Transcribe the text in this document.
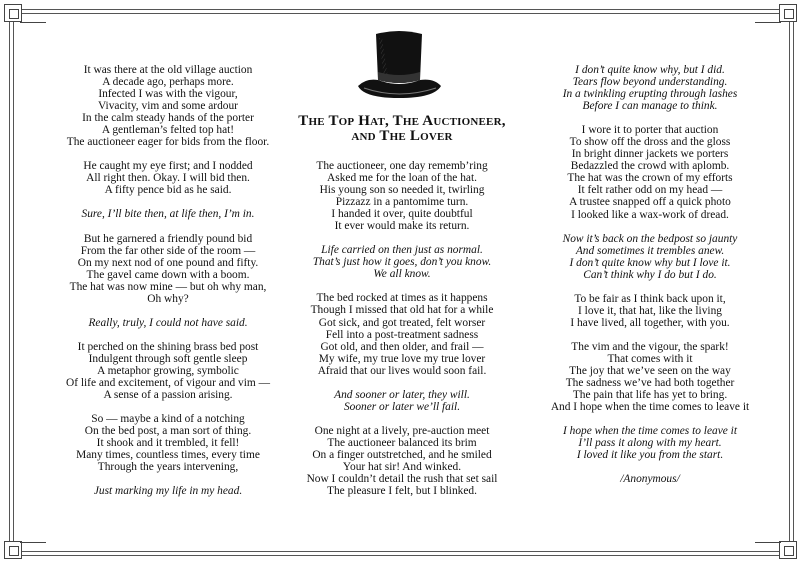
The Top Hat, The Auctioneer,
and The Lover
It was there at the old village auction
A decade ago, perhaps more.
Infected I was with the vigour,
Vivacity, vim and some ardour
In the calm steady hands of the porter
A gentleman’s felted top hat!
The auctioneer eager for bids from the floor.
He caught my eye first; and I nodded
All right then. Okay. I will bid then.
A fifty pence bid as he said.
Sure, I’ll bite then, at life then, I’m in.
But he garnered a friendly pound bid
From the far other side of the room —
On my next nod of one pound and fifty.
The gavel came down with a boom.
The hat was now mine — but oh why man,
Oh why?
Really, truly, I could not have said.
It perched on the shining brass bed post
Indulgent through soft gentle sleep
A metaphor growing, symbolic
Of life and excitement, of vigour and vim —
A sense of a passion arising.
So — maybe a kind of a notching
On the bed post, a man sort of thing.
It shook and it trembled, it fell!
Many times, countless times, every time
Through the years intervening,
Just marking my life in my head.
The auctioneer, one day rememb’ring
Asked me for the loan of the hat.
His young son so needed it, twirling
Pizzazz in a pantomime turn.
I handed it over, quite doubtful
It ever would make its return.
Life carried on then just as normal.
That’s just how it goes, don’t you know.
We all know.
The bed rocked at times as it happens
Though I missed that old hat for a while
Got sick, and got treated, felt worser
Fell into a post-treatment sadness
Got old, and then older, and frail —
My wife, my true love my true lover
Afraid that our lives would soon fail.
And sooner or later, they will.
Sooner or later we’ll fail.
One night at a lively, pre-auction meet
The auctioneer balanced its brim
On a finger outstretched, and he smiled
Your hat sir! And winked.
Now I couldn’t detail the rush that set sail
The pleasure I felt, but I blinked.
I don’t quite know why, but I did.
Tears flow beyond understanding.
In a twinkling erupting through lashes
Before I can manage to think.
I wore it to porter that auction
To show off the dross and the gloss
In bright dinner jackets we porters
Bedazzled the crowd with aplomb.
The hat was the crown of my efforts
It felt rather odd on my head —
A trustee snapped off a quick photo
I looked like a wax-work of dread.
Now it’s back on the bedpost so jaunty
And sometimes it trembles anew.
I don’t quite know why but I love it.
Can’t think why I do but I do.
To be fair as I think back upon it,
I love it, that hat, like the living
I have lived, all together, with you.
The vim and the vigour, the spark!
That comes with it
The joy that we’ve seen on the way
The sadness we’ve had both together
The pain that life has yet to bring.
And I hope when the time comes to leave it
I hope when the time comes to leave it
I’ll pass it along with my heart.
I loved it like you from the start.
/Anonymous/
